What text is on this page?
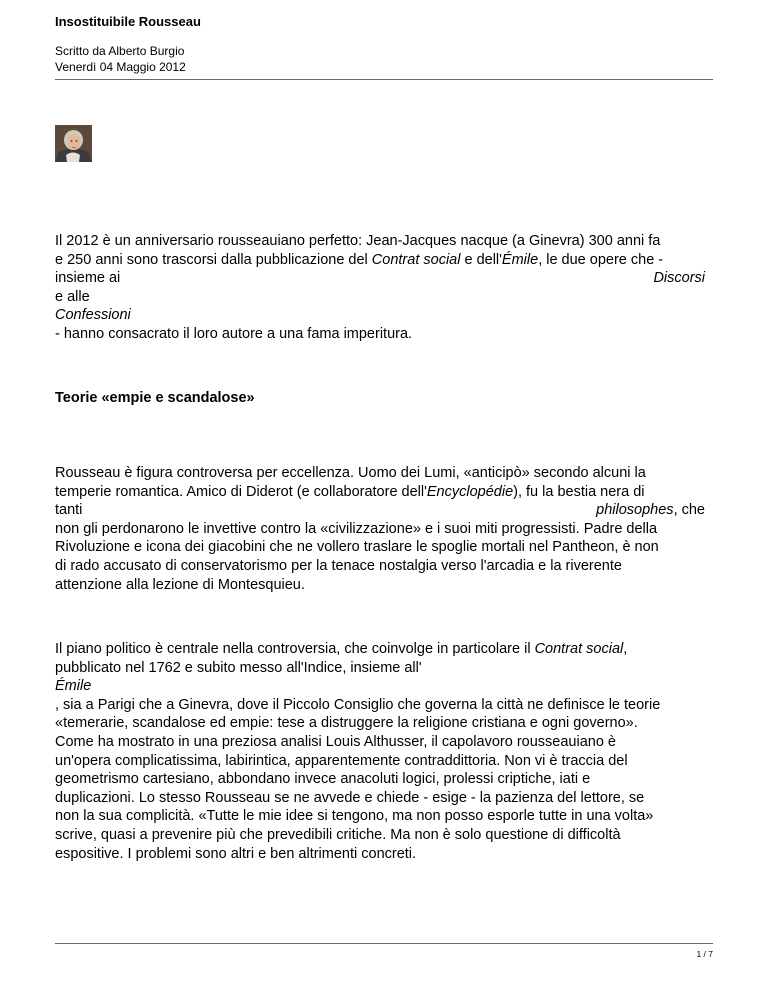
Insostituibile Rousseau
Scritto da Alberto Burgio
Venerdì 04 Maggio 2012
Il 2012 è un anniversario rousseauiano perfetto: Jean-Jacques nacque (a Ginevra) 300 anni fa
e 250 anni sono trascorsi dalla pubblicazione del Contrat social e dell'Émile, le due opere che -
insieme ai	Discorsi
e alle
Confessioni
- hanno consacrato il loro autore a una fama imperitura.
Teorie «empie e scandalose»
Rousseau è figura controversa per eccellenza. Uomo dei Lumi, «anticipò» secondo alcuni la
temperie romantica. Amico di Diderot (e collaboratore dell'Encyclopédie), fu la bestia nera di
tanti	philosophes, che
non gli perdonarono le invettive contro la «civilizzazione» e i suoi miti progressisti. Padre della
Rivoluzione e icona dei giacobini che ne vollero traslare le spoglie mortali nel Pantheon, è non
di rado accusato di conservatorismo per la tenace nostalgia verso l'arcadia e la riverente
attenzione alla lezione di Montesquieu.
Il piano politico è centrale nella controversia, che coinvolge in particolare il Contrat social,
pubblicato nel 1762 e subito messo all'Indice, insieme all'
Émile
, sia a Parigi che a Ginevra, dove il Piccolo Consiglio che governa la città ne definisce le teorie
«temerarie, scandalose ed empie: tese a distruggere la religione cristiana e ogni governo».
Come ha mostrato in una preziosa analisi Louis Althusser, il capolavoro rousseauiano è
un'opera complicatissima, labirintica, apparentemente contraddittoria. Non vi è traccia del
geometrismo cartesiano, abbondano invece anacoluti logici, prolessi criptiche, iati e
duplicazioni. Lo stesso Rousseau se ne avvede e chiede - esige - la pazienza del lettore, se
non la sua complicità. «Tutte le mie idee si tengono, ma non posso esporle tutte in una volta»
scrive, quasi a prevenire più che prevedibili critiche. Ma non è solo questione di difficoltà
espositive. I problemi sono altri e ben altrimenti concreti.
1 / 7
